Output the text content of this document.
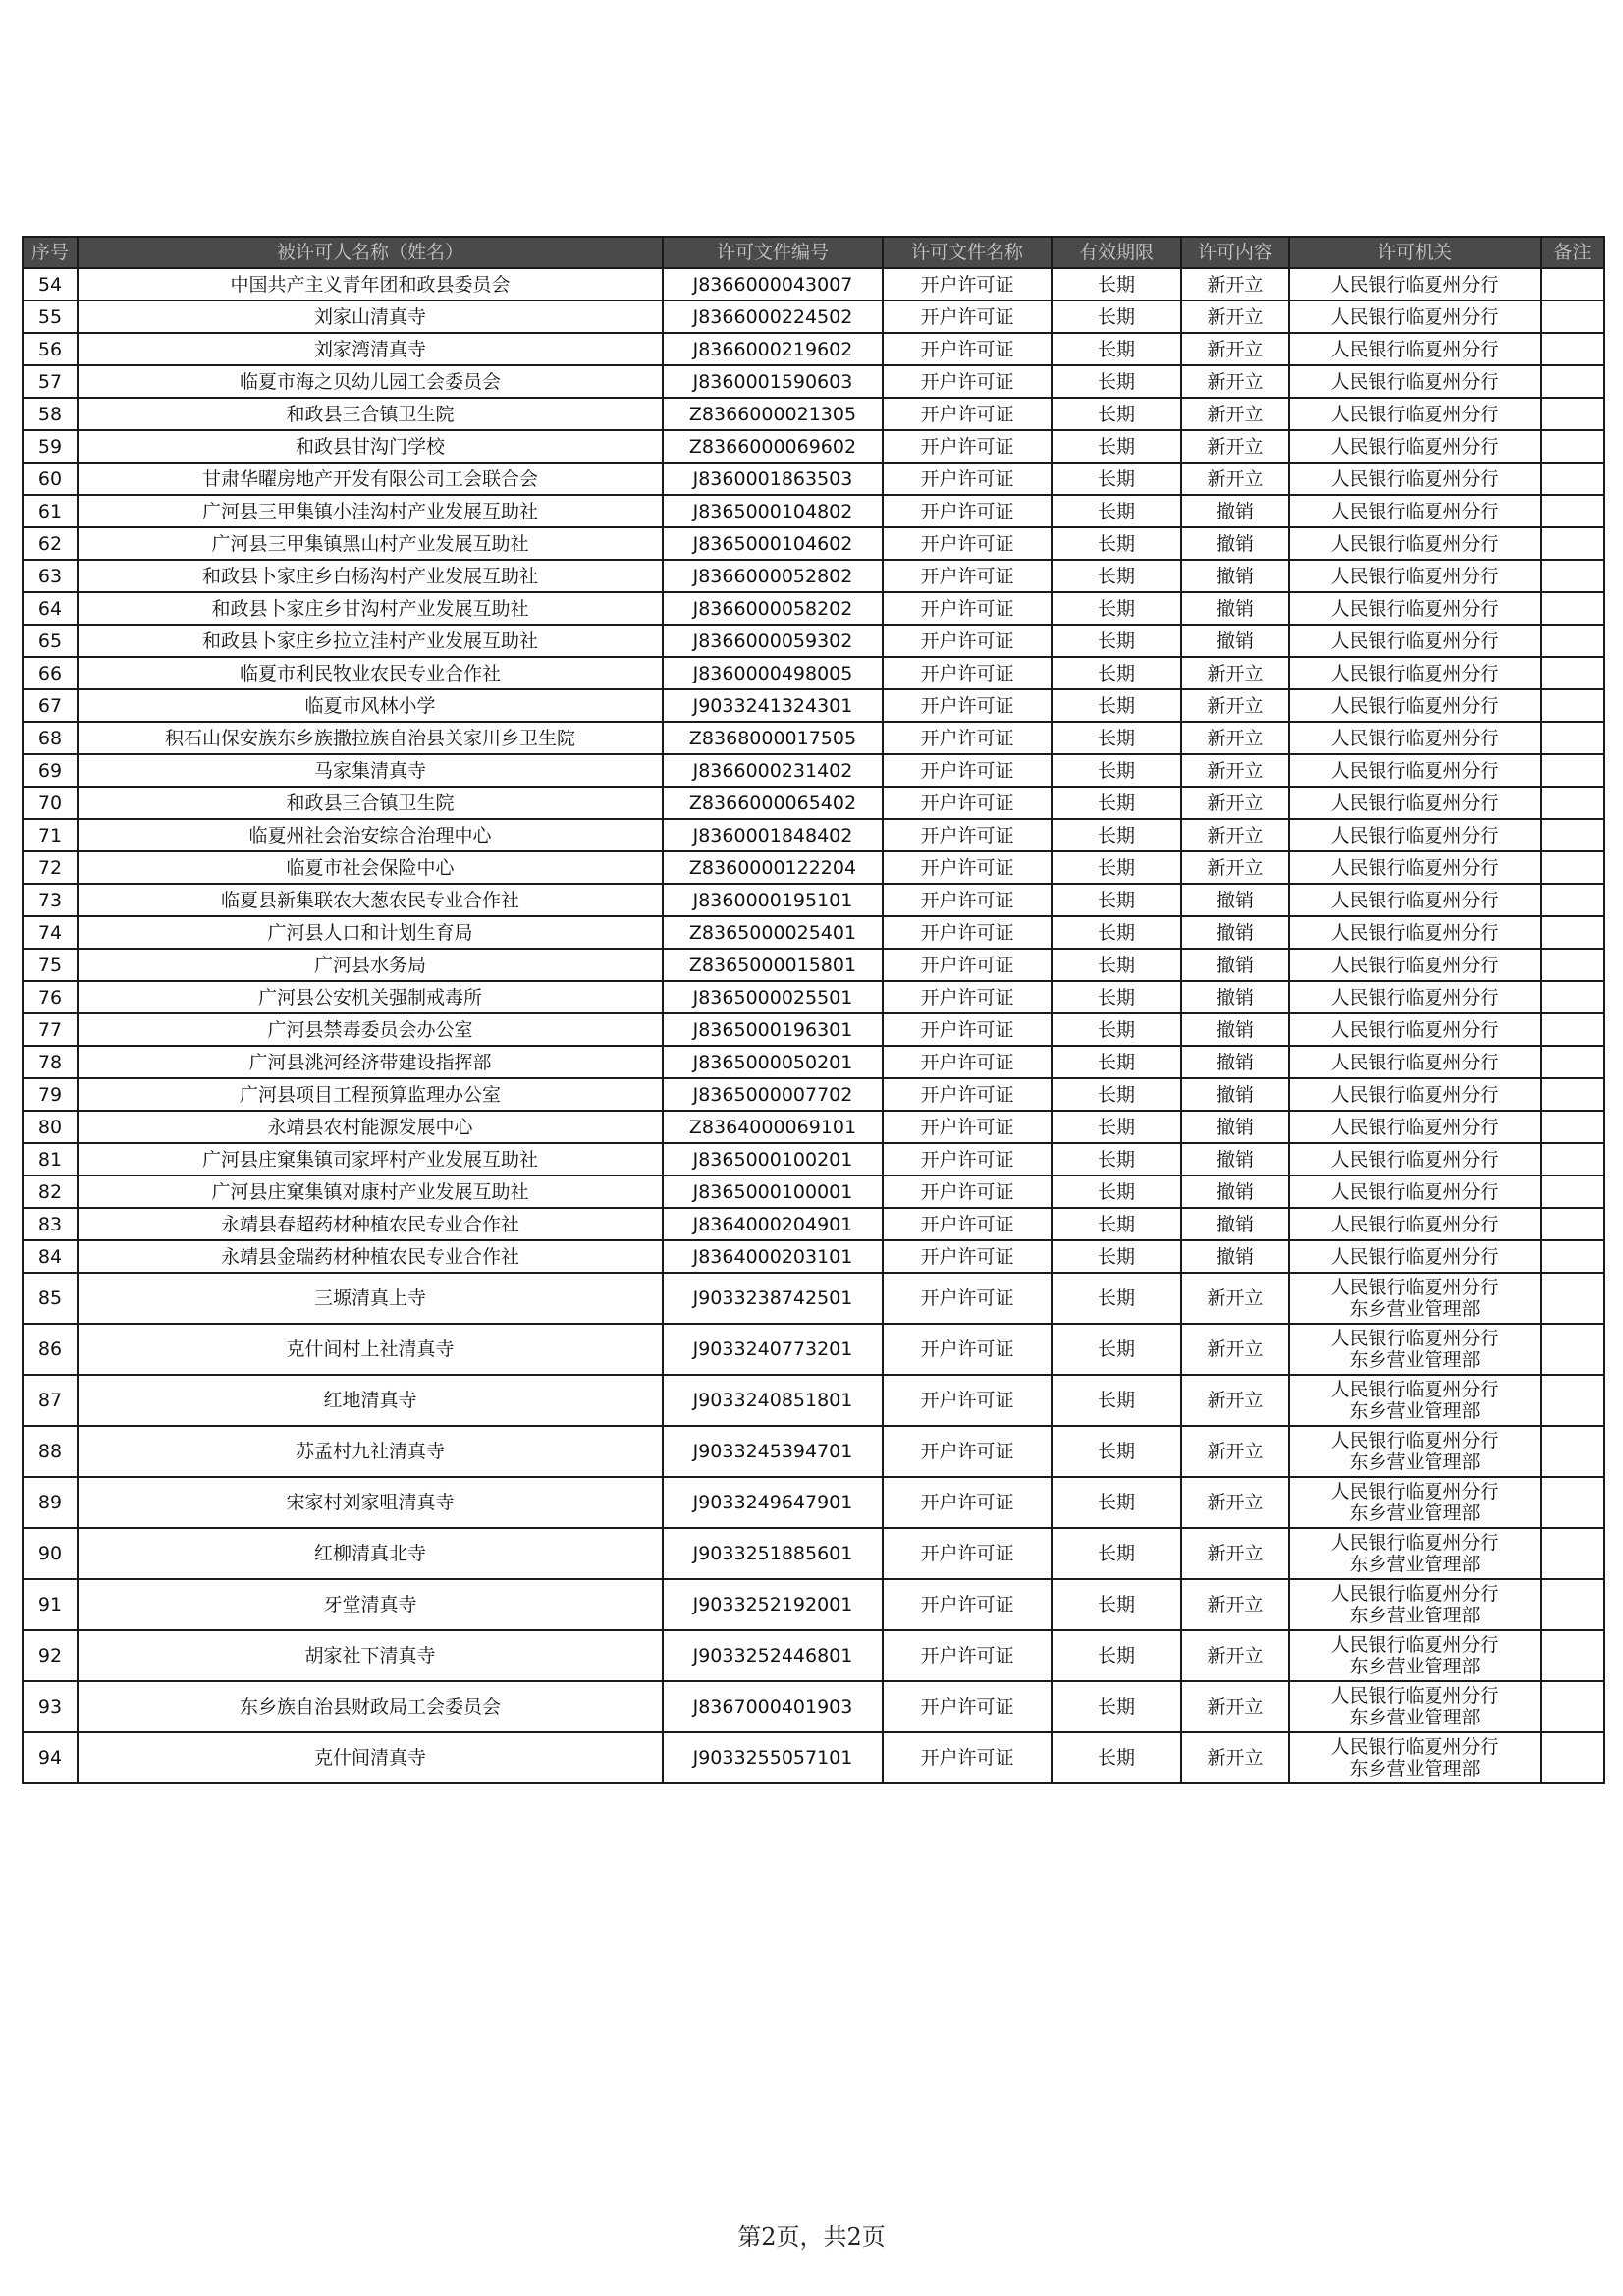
序号	被许可人名称（姓名）	许可文件编号	许可文件名称	有效期限	许可内容	许可机关	备注
54	中国共产主义青年团和政县委员会	J8366000043007	开户许可证	长期	新开立	人民银行临夏州分行	
55	刘家山清真寺	J8366000224502	开户许可证	长期	新开立	人民银行临夏州分行	
56	刘家湾清真寺	J8366000219602	开户许可证	长期	新开立	人民银行临夏州分行	
57	临夏市海之贝幼儿园工会委员会	J8360001590603	开户许可证	长期	新开立	人民银行临夏州分行	
58	和政县三合镇卫生院	Z8366000021305	开户许可证	长期	新开立	人民银行临夏州分行	
59	和政县甘沟门学校	Z8366000069602	开户许可证	长期	新开立	人民银行临夏州分行	
60	甘肃华曜房地产开发有限公司工会联合会	J8360001863503	开户许可证	长期	新开立	人民银行临夏州分行	
61	广河县三甲集镇小洼沟村产业发展互助社	J8365000104802	开户许可证	长期	撤销	人民银行临夏州分行	
62	广河县三甲集镇黑山村产业发展互助社	J8365000104602	开户许可证	长期	撤销	人民银行临夏州分行	
63	和政县卜家庄乡白杨沟村产业发展互助社	J8366000052802	开户许可证	长期	撤销	人民银行临夏州分行	
64	和政县卜家庄乡甘沟村产业发展互助社	J8366000058202	开户许可证	长期	撤销	人民银行临夏州分行	
65	和政县卜家庄乡拉立洼村产业发展互助社	J8366000059302	开户许可证	长期	撤销	人民银行临夏州分行	
66	临夏市利民牧业农民专业合作社	J8360000498005	开户许可证	长期	新开立	人民银行临夏州分行	
67	临夏市风林小学	J9033241324301	开户许可证	长期	新开立	人民银行临夏州分行	
68	积石山保安族东乡族撒拉族自治县关家川乡卫生院	Z8368000017505	开户许可证	长期	新开立	人民银行临夏州分行	
69	马家集清真寺	J8366000231402	开户许可证	长期	新开立	人民银行临夏州分行	
70	和政县三合镇卫生院	Z8366000065402	开户许可证	长期	新开立	人民银行临夏州分行	
71	临夏州社会治安综合治理中心	J8360001848402	开户许可证	长期	新开立	人民银行临夏州分行	
72	临夏市社会保险中心	Z8360000122204	开户许可证	长期	新开立	人民银行临夏州分行	
73	临夏县新集联农大葱农民专业合作社	J8360000195101	开户许可证	长期	撤销	人民银行临夏州分行	
74	广河县人口和计划生育局	Z8365000025401	开户许可证	长期	撤销	人民银行临夏州分行	
75	广河县水务局	Z8365000015801	开户许可证	长期	撤销	人民银行临夏州分行	
76	广河县公安机关强制戒毒所	J8365000025501	开户许可证	长期	撤销	人民银行临夏州分行	
77	广河县禁毒委员会办公室	J8365000196301	开户许可证	长期	撤销	人民银行临夏州分行	
78	广河县洮河经济带建设指挥部	J8365000050201	开户许可证	长期	撤销	人民银行临夏州分行	
79	广河县项目工程预算监理办公室	J8365000007702	开户许可证	长期	撤销	人民银行临夏州分行	
80	永靖县农村能源发展中心	Z8364000069101	开户许可证	长期	撤销	人民银行临夏州分行	
81	广河县庄窠集镇司家坪村产业发展互助社	J8365000100201	开户许可证	长期	撤销	人民银行临夏州分行	
82	广河县庄窠集镇对康村产业发展互助社	J8365000100001	开户许可证	长期	撤销	人民银行临夏州分行	
83	永靖县春超药材种植农民专业合作社	J8364000204901	开户许可证	长期	撤销	人民银行临夏州分行	
84	永靖县金瑞药材种植农民专业合作社	J8364000203101	开户许可证	长期	撤销	人民银行临夏州分行	
85	三塬清真上寺	J9033238742501	开户许可证	长期	新开立	人民银行临夏州分行
东乡营业管理部	

86	克什间村上社清真寺	J9033240773201	开户许可证	长期	新开立	人民银行临夏州分行
东乡营业管理部	

87	红地清真寺	J9033240851801	开户许可证	长期	新开立	人民银行临夏州分行
东乡营业管理部	

88	苏孟村九社清真寺	J9033245394701	开户许可证	长期	新开立	人民银行临夏州分行
东乡营业管理部	

89	宋家村刘家咀清真寺	J9033249647901	开户许可证	长期	新开立	人民银行临夏州分行
东乡营业管理部	

90	红柳清真北寺	J9033251885601	开户许可证	长期	新开立	人民银行临夏州分行
东乡营业管理部	

91	牙堂清真寺	J9033252192001	开户许可证	长期	新开立	人民银行临夏州分行
东乡营业管理部	

92	胡家社下清真寺	J9033252446801	开户许可证	长期	新开立	人民银行临夏州分行
东乡营业管理部	

93	东乡族自治县财政局工会委员会	J8367000401903	开户许可证	长期	新开立	人民银行临夏州分行
东乡营业管理部	

94	克什间清真寺	J9033255057101	开户许可证	长期	新开立	人民银行临夏州分行
东乡营业管理部	

第2页，共2页
